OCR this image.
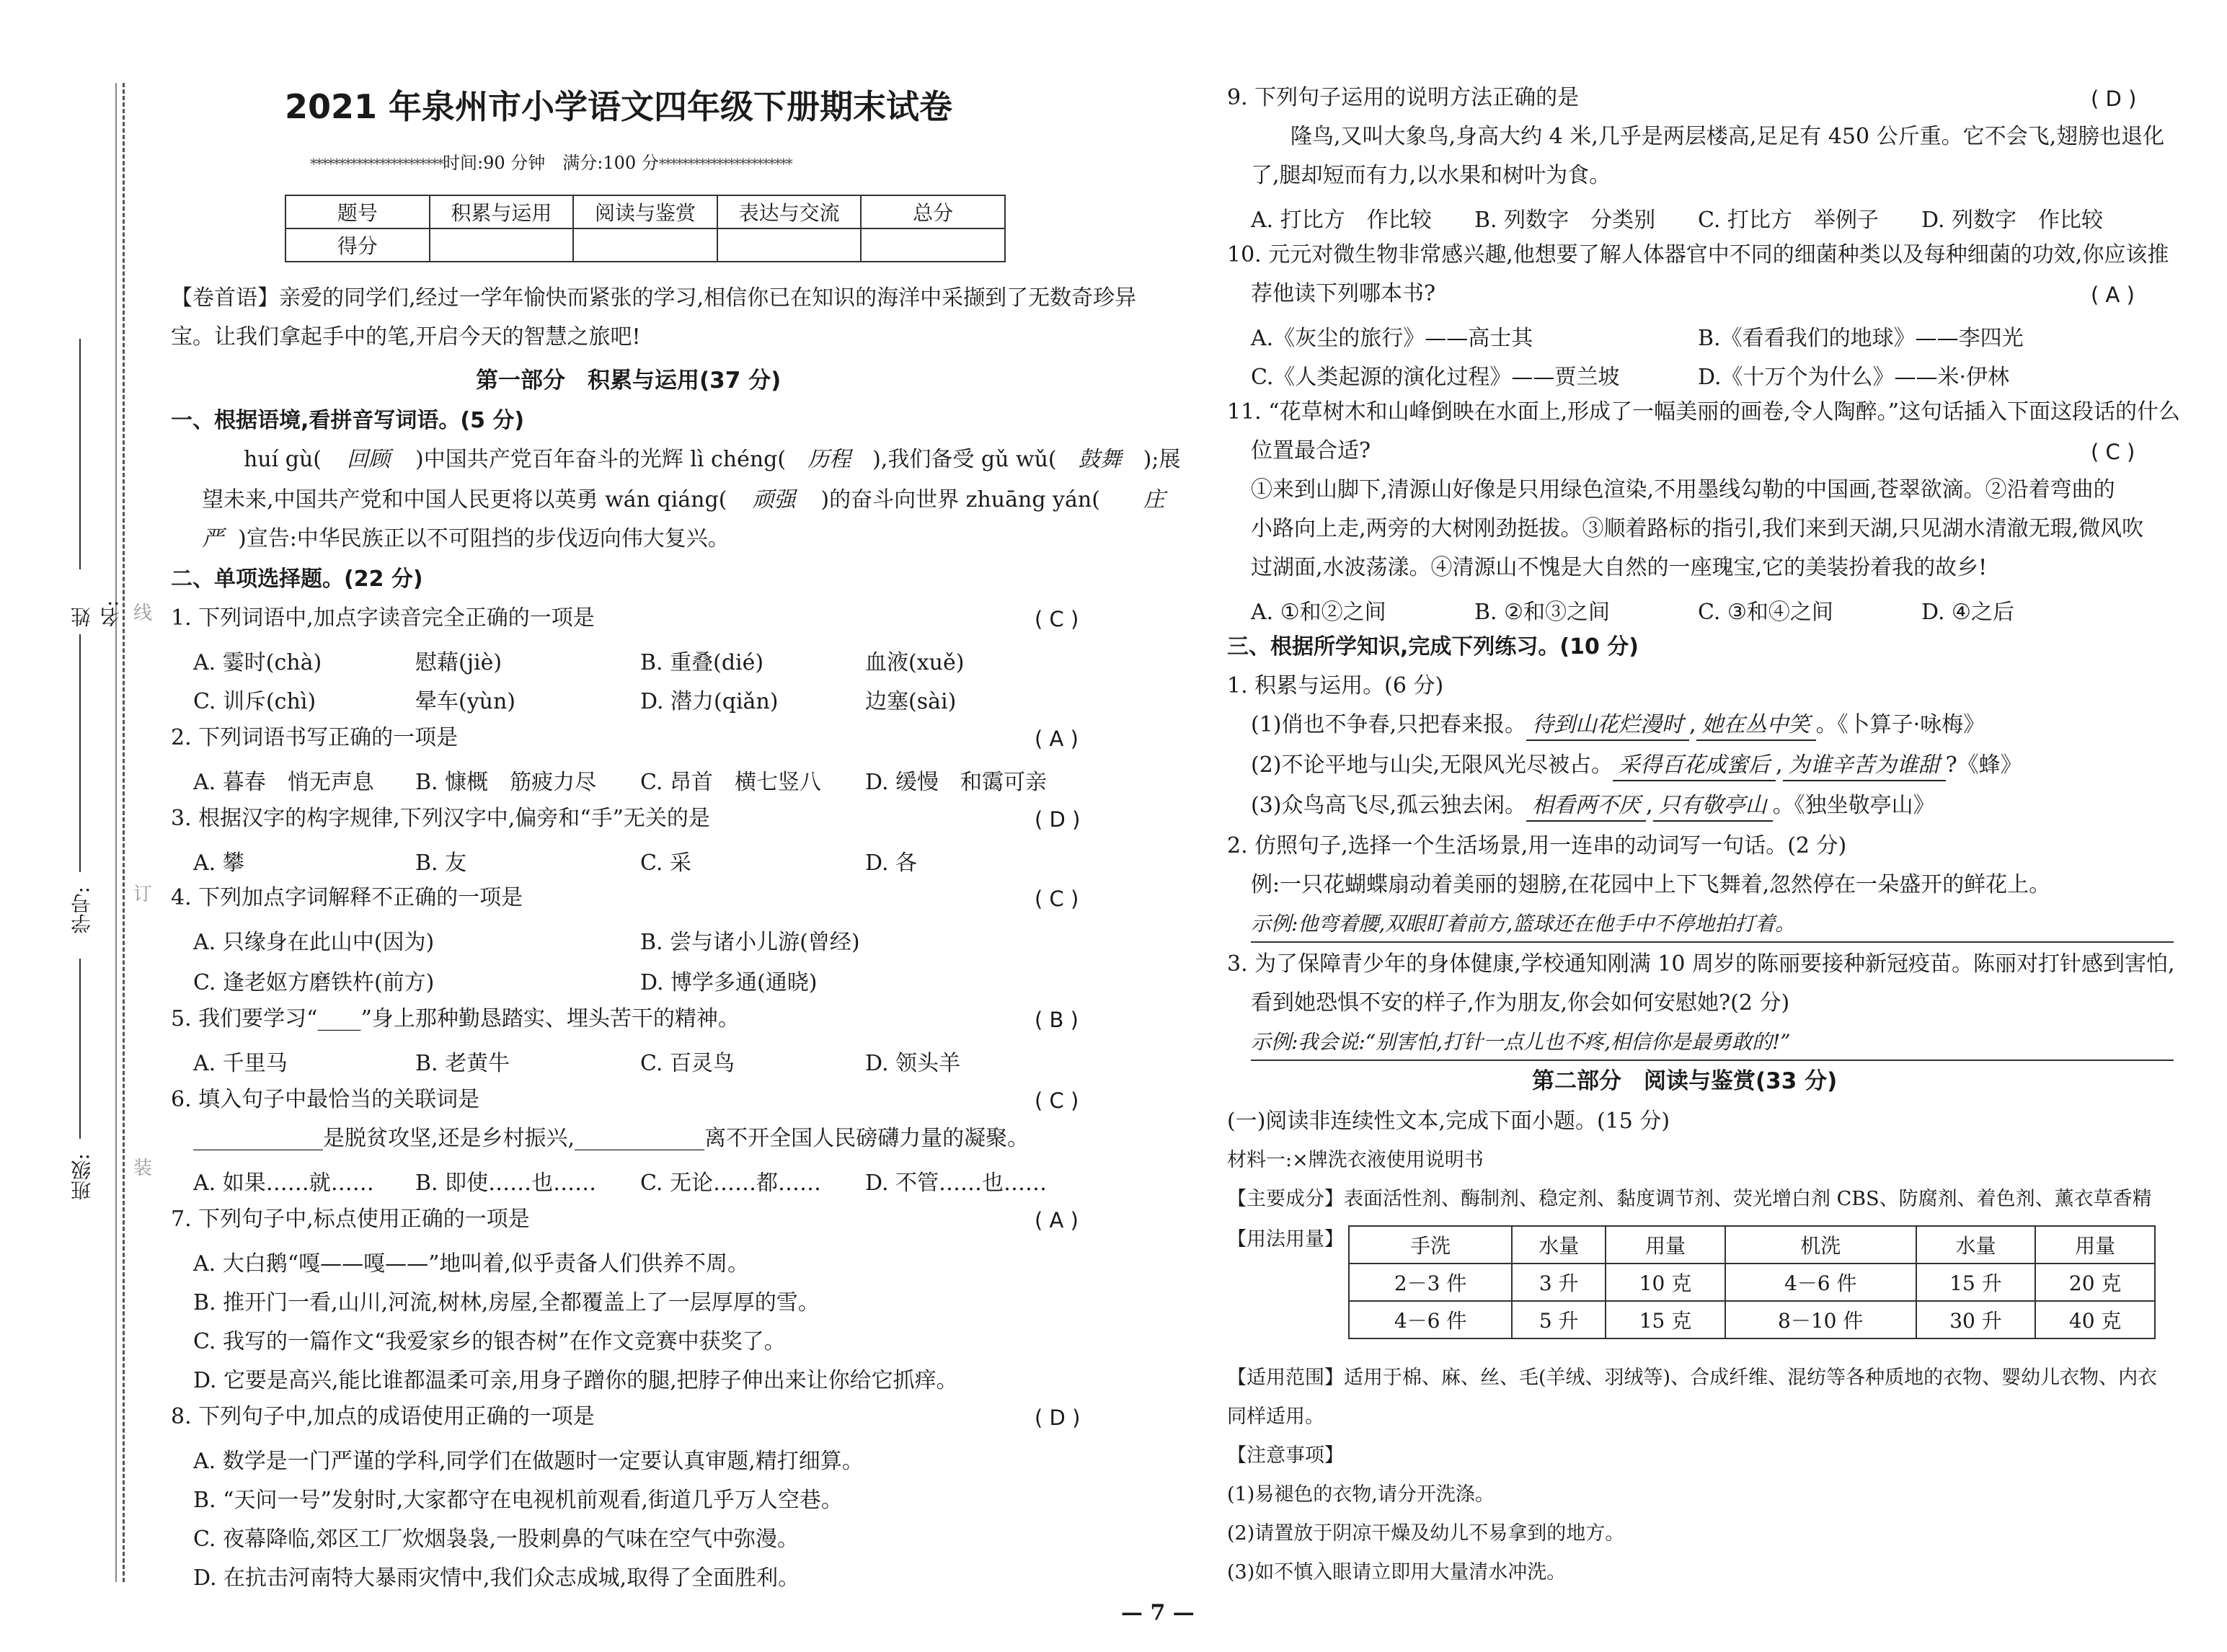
线
订
装
姓名:
学号:
班级:
2021 年泉州市小学语文四年级下册期末试卷
***********************时间:90 分钟　满分:100 分***********************
题号	积累与运用	阅读与鉴赏	表达与交流	总分
得分				
【卷首语】亲爱的同学们,经过一学年愉快而紧张的学习,相信你已在知识的海洋中采撷到了无数奇珍异
宝。让我们拿起手中的笔,开启今天的智慧之旅吧!
第一部分　积累与运用(37 分)
一、根据语境,看拼音写词语。(5 分)
huí gù( 回顾 )中国共产党百年奋斗的光辉 lì chéng( 历程 ),我们备受 gǔ wǔ( 鼓舞 );展
望未来,中国共产党和中国人民更将以英勇 wán qiáng( 顽强 )的奋斗向世界 zhuāng yán( 庄
严 )宣告:中华民族正以不可阻挡的步伐迈向伟大复兴。
二、单项选择题。(22 分)
1. 下列词语中,加点字读音完全正确的一项是	( C )
A. 霎时(chà)	慰藉(jiè)	B. 重叠(dié)	血液(xuě)
C. 训斥(chì)	晕车(yùn)	D. 潜力(qiǎn)	边塞(sài)
2. 下列词语书写正确的一项是	( A )
A. 暮春　悄无声息 B. 慷概　筋疲力尽 C. 昂首　横七竖八 D. 缓慢　和霭可亲
3. 根据汉字的构字规律,下列汉字中,偏旁和“手”无关的是	( D )
A. 攀	B. 友	C. 采	D. 各
4. 下列加点字词解释不正确的一项是	( C )
A. 只缘身在此山中(因为)	B. 尝与诸小儿游(曾经)
C. 逢老妪方磨铁杵(前方)	D. 博学多通(通晓)
5. 我们要学习“____”身上那种勤恳踏实、埋头苦干的精神。	( B )
A. 千里马	B. 老黄牛	C. 百灵鸟	D. 领头羊
6. 填入句子中最恰当的关联词是	( C )
____________是脱贫攻坚,还是乡村振兴,____________离不开全国人民磅礴力量的凝聚。
A. 如果……就…… B. 即使……也…… C. 无论……都…… D. 不管……也……
7. 下列句子中,标点使用正确的一项是	( A )
A. 大白鹅“嘎——嘎——”地叫着,似乎责备人们供养不周。
B. 推开门一看,山川,河流,树林,房屋,全都覆盖上了一层厚厚的雪。
C. 我写的一篇作文“我爱家乡的银杏树”在作文竞赛中获奖了。
D. 它要是高兴,能比谁都温柔可亲,用身子蹭你的腿,把脖子伸出来让你给它抓痒。
8. 下列句子中,加点的成语使用正确的一项是	( D )
A. 数学是一门严谨的学科,同学们在做题时一定要认真审题,精打细算。
B. “天问一号”发射时,大家都守在电视机前观看,街道几乎万人空巷。
C. 夜幕降临,郊区工厂炊烟袅袅,一股刺鼻的气味在空气中弥漫。
D. 在抗击河南特大暴雨灾情中,我们众志成城,取得了全面胜利。
9. 下列句子运用的说明方法正确的是	( D )
隆鸟,又叫大象鸟,身高大约 4 米,几乎是两层楼高,足足有 450 公斤重。它不会飞,翅膀也退化
了,腿却短而有力,以水果和树叶为食。
A. 打比方　作比较 B. 列数字　分类别 C. 打比方　举例子 D. 列数字　作比较
10. 元元对微生物非常感兴趣,他想要了解人体器官中不同的细菌种类以及每种细菌的功效,你应该推
荐他读下列哪本书?	( A )
A.《灰尘的旅行》——高士其	B.《看看我们的地球》——李四光
C.《人类起源的演化过程》——贾兰坡	D.《十万个为什么》——米·伊林
11. “花草树木和山峰倒映在水面上,形成了一幅美丽的画卷,令人陶醉。”这句话插入下面这段话的什么
位置最合适?	( C )
①来到山脚下,清源山好像是只用绿色渲染,不用墨线勾勒的中国画,苍翠欲滴。②沿着弯曲的
小路向上走,两旁的大树刚劲挺拔。③顺着路标的指引,我们来到天湖,只见湖水清澈无瑕,微风吹
过湖面,水波荡漾。④清源山不愧是大自然的一座瑰宝,它的美装扮着我的故乡!
A. ①和②之间	B. ②和③之间	C. ③和④之间	D. ④之后
三、根据所学知识,完成下列练习。(10 分)
1. 积累与运用。(6 分)
(1)俏也不争春,只把春来报。 待到山花烂漫时 , 她在丛中笑 。《卜算子·咏梅》
(2)不论平地与山尖,无限风光尽被占。 采得百花成蜜后 , 为谁辛苦为谁甜 ?《蜂》
(3)众鸟高飞尽,孤云独去闲。 相看两不厌 , 只有敬亭山 。《独坐敬亭山》
2. 仿照句子,选择一个生活场景,用一连串的动词写一句话。(2 分)
例:一只花蝴蝶扇动着美丽的翅膀,在花园中上下飞舞着,忽然停在一朵盛开的鲜花上。
示例:他弯着腰,双眼盯着前方,篮球还在他手中不停地拍打着。
3. 为了保障青少年的身体健康,学校通知刚满 10 周岁的陈丽要接种新冠疫苗。陈丽对打针感到害怕,
看到她恐惧不安的样子,作为朋友,你会如何安慰她?(2 分)
示例:我会说:“别害怕,打针一点儿也不疼,相信你是最勇敢的!”
第二部分　阅读与鉴赏(33 分)
(一)阅读非连续性文本,完成下面小题。(15 分)
材料一:×牌洗衣液使用说明书
【主要成分】表面活性剂、酶制剂、稳定剂、黏度调节剂、荧光增白剂 CBS、防腐剂、着色剂、薰衣草香精
【用法用量】	手洗	水量	用量	机洗	水量	用量
2－3 件	3 升	10 克	4－6 件	15 升	20 克
4－6 件	5 升	15 克	8－10 件	30 升	40 克
【适用范围】适用于棉、麻、丝、毛(羊绒、羽绒等)、合成纤维、混纺等各种质地的衣物、婴幼儿衣物、内衣
同样适用。
【注意事项】
(1)易褪色的衣物,请分开洗涤。
(2)请置放于阴凉干燥及幼儿不易拿到的地方。
(3)如不慎入眼请立即用大量清水冲洗。
— 7 —
